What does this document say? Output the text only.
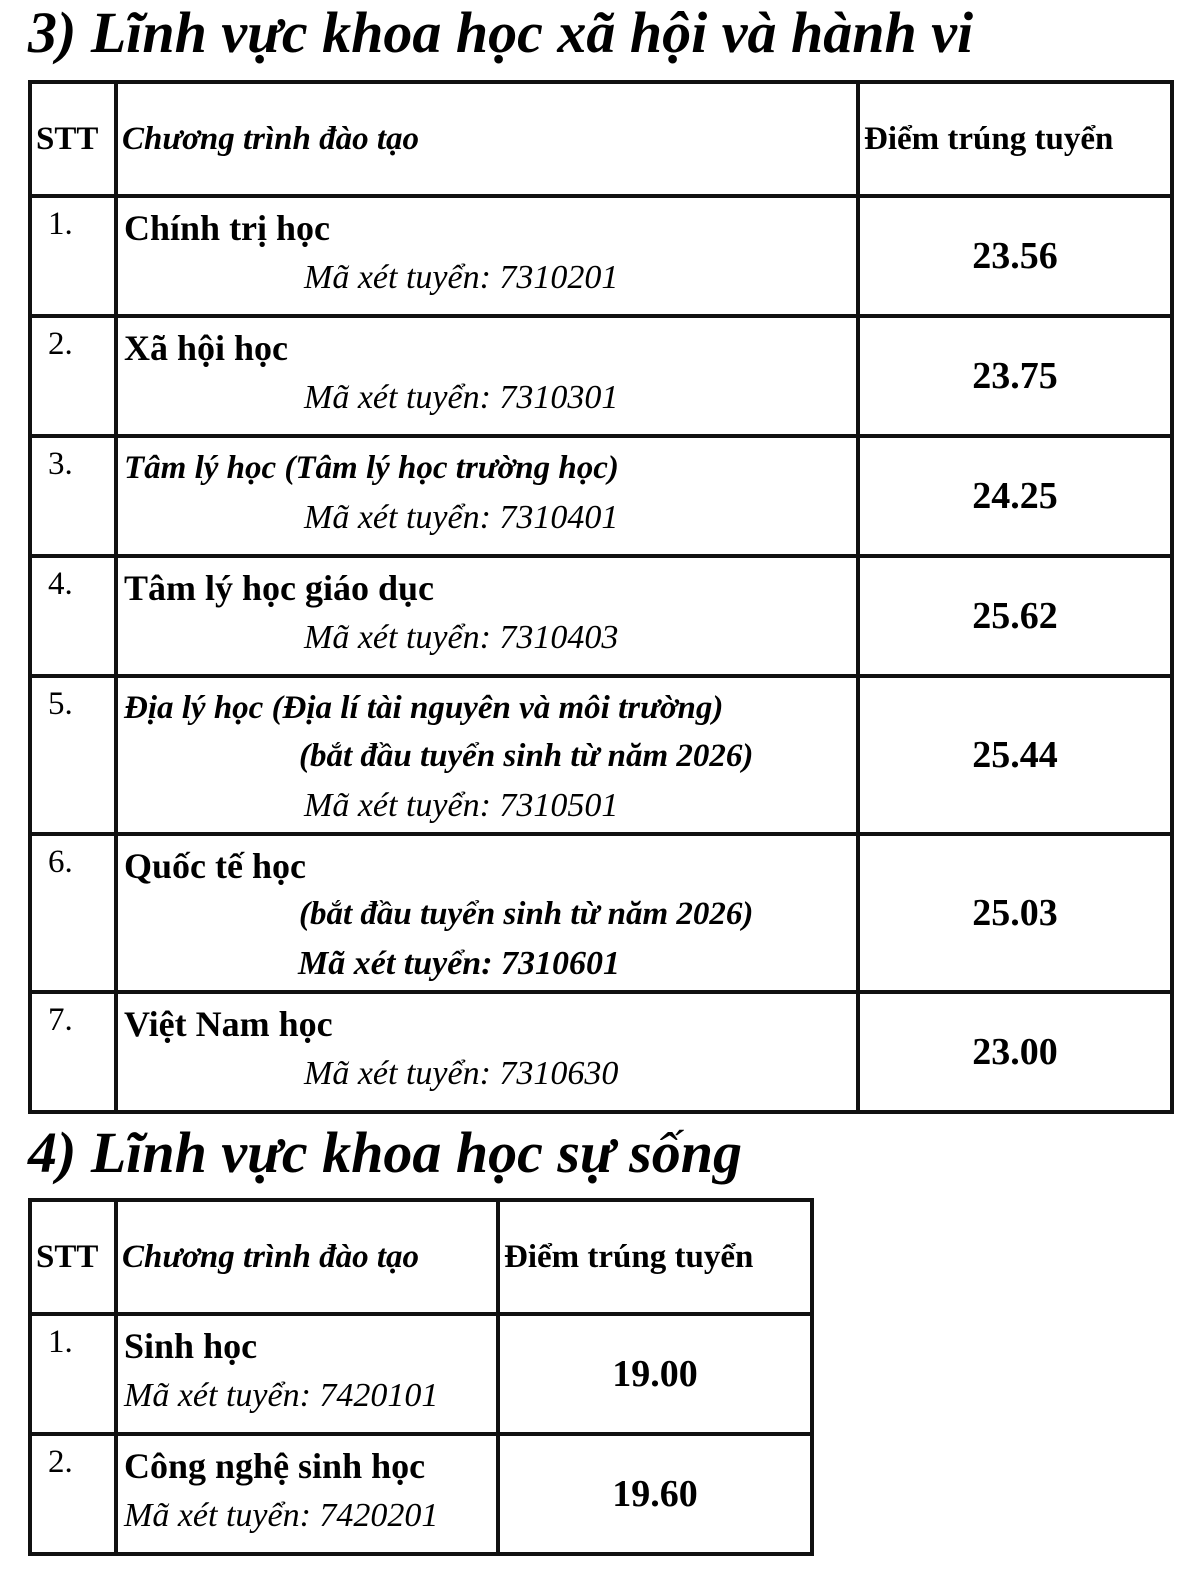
3) Lĩnh vực khoa học xã hội và hành vi
STT	Chương trình đào tạo	Điểm trúng tuyển
1.	Chính trị học
Mã xét tuyển: 7310201	23.56
2.	Xã hội học
Mã xét tuyển: 7310301	23.75
3.	Tâm lý học (Tâm lý học trường học)
Mã xét tuyển: 7310401	24.25
4.	Tâm lý học giáo dục
Mã xét tuyển: 7310403	25.62
5.	Địa lý học (Địa lí tài nguyên và môi trường)
(bắt đầu tuyển sinh từ năm 2026)
Mã xét tuyển: 7310501	25.44
6.	Quốc tế học
(bắt đầu tuyển sinh từ năm 2026)
Mã xét tuyển: 7310601	25.03
7.	Việt Nam học
Mã xét tuyển: 7310630	23.00
4) Lĩnh vực khoa học sự sống
STT	Chương trình đào tạo	Điểm trúng tuyển
1.	Sinh học
Mã xét tuyển: 7420101	19.00
2.	Công nghệ sinh học
Mã xét tuyển: 7420201	19.60
